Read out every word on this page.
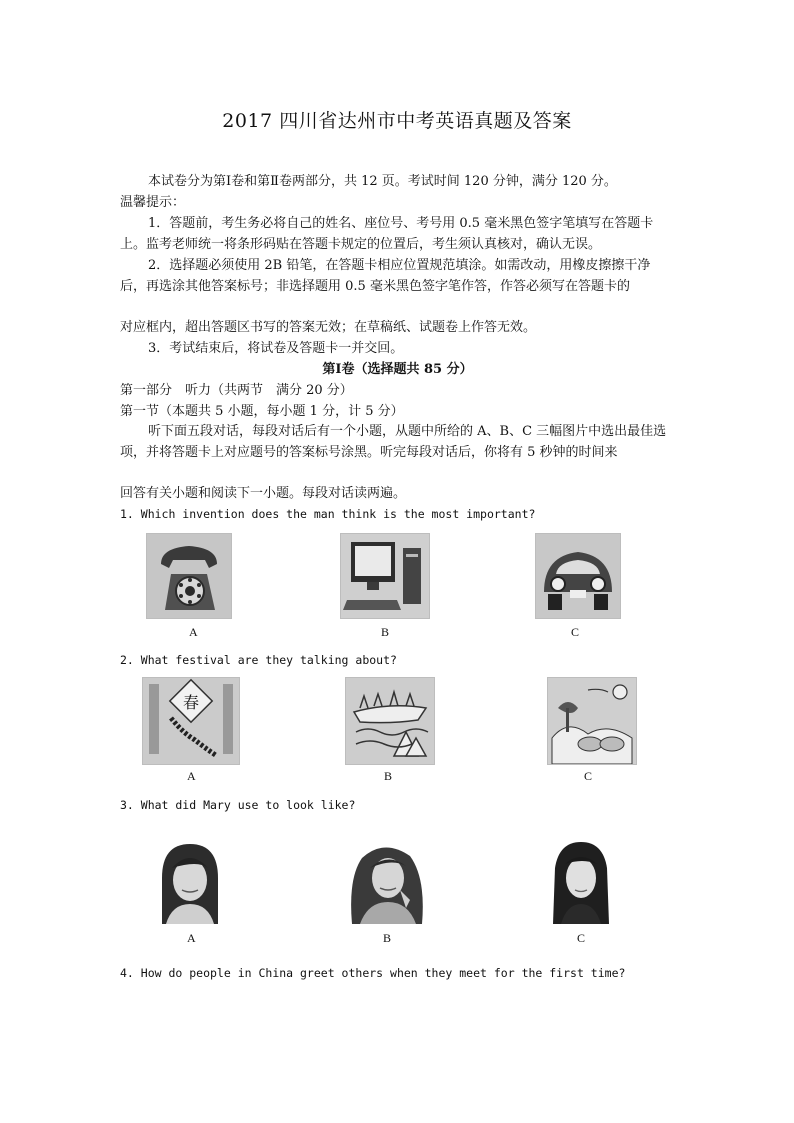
2017 四川省达州市中考英语真题及答案
本试卷分为第Ⅰ卷和第Ⅱ卷两部分，共 12 页。考试时间 120 分钟，满分 120 分。
温馨提示：
1．答题前，考生务必将自己的姓名、座位号、考号用 0.5 毫米黑色签字笔填写在答题卡上。监考老师统一将条形码贴在答题卡规定的位置后，考生须认真核对，确认无误。
2．选择题必须使用 2B 铅笔，在答题卡相应位置规范填涂。如需改动，用橡皮擦擦干净后，再选涂其他答案标号；非选择题用 0.5 毫米黑色签字笔作答，作答必须写在答题卡的
对应框内，超出答题区书写的答案无效；在草稿纸、试题卷上作答无效。
3．考试结束后，将试卷及答题卡一并交回。
第Ⅰ卷（选择题共 85 分）
第一部分　听力（共两节　满分 20 分）
第一节（本题共 5 小题，每小题 1 分，计 5 分）
听下面五段对话，每段对话后有一个小题，从题中所给的 A、B、C 三幅图片中选出最佳选项，并将答题卡上对应题号的答案标号涂黑。听完每段对话后，你将有 5 秒钟的时间来
回答有关小题和阅读下一小题。每段对话读两遍。
1. Which invention does the man think is the most important?
A	B	C
2. What festival are they talking about?
春
A	B	C
3. What did Mary use to look like?
A	B	C
4. How do people in China greet others when they meet for the first time?
